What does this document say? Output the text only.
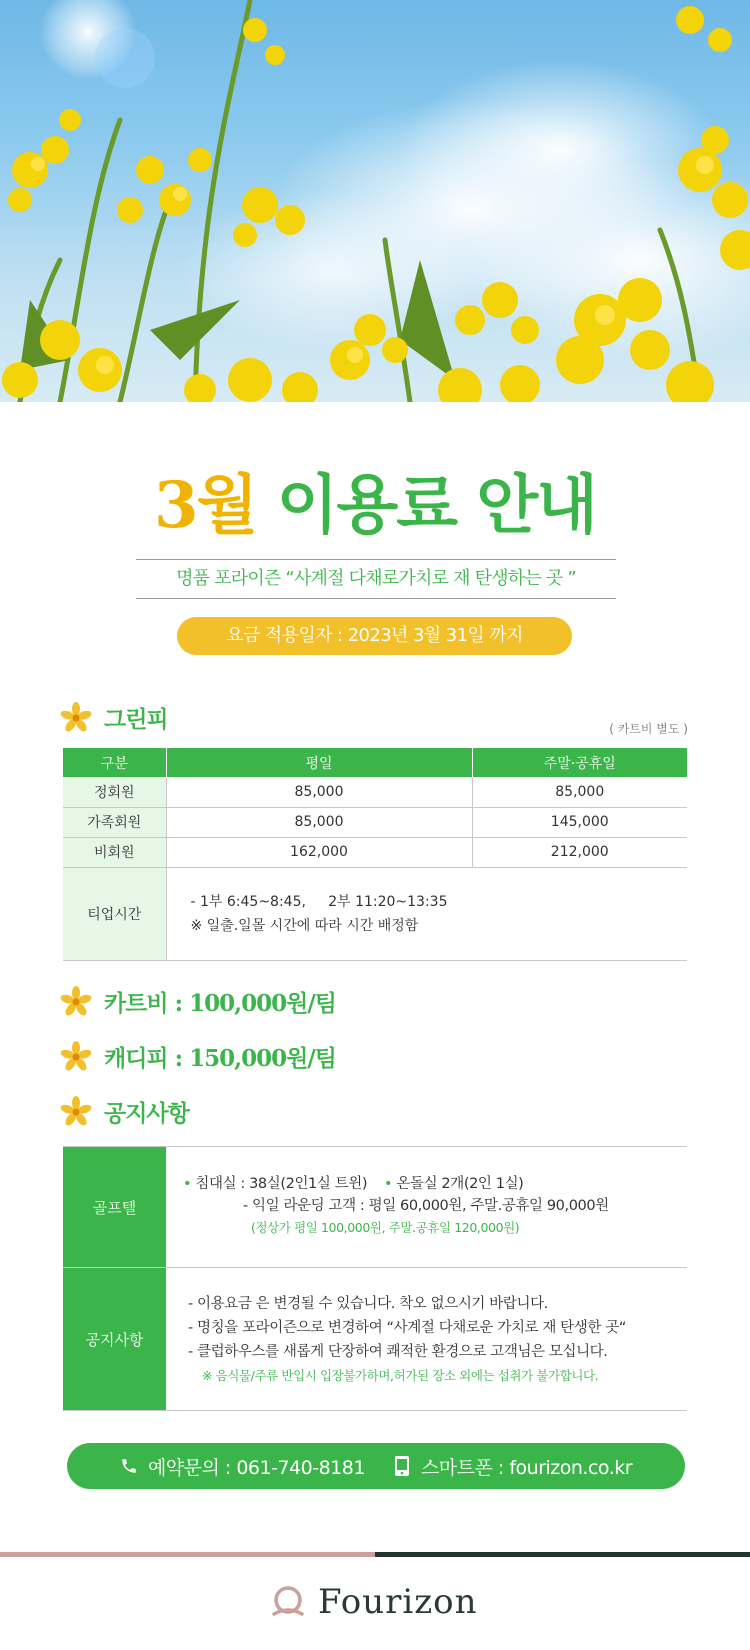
3월 이용료 안내
명품 포라이즌 “사계절 다채로가치로 재 탄생하는 곳 ”
요금 적용일자 : 2023년 3월 31일 까지
그린피	( 카트비 별도 )
구분	평일	주말·공휴일
정회원	85,000	85,000
가족회원	85,000	145,000
비회원	162,000	212,000
티업시간	- 1부 6:45~8:45,     2부 11:20~13:35
※ 일출.일몰 시간에 따라 시간 배정함	
카트비 : 100,000원/팀
캐디피 : 150,000원/팀
공지사항
골프텔
• 침대실 : 38실(2인1실 트윈) • 온돌실 2개(2인 1실)
- 익일 라운딩 고객 : 평일 60,000원, 주말.공휴일 90,000원
(정상가 평일 100,000원, 주말.공휴일 120,000원)
공지사항
- 이용요금 은 변경될 수 있습니다. 착오 없으시기 바랍니다.
- 명칭을 포라이즌으로 변경하여 “사계절 다채로운 가치로 재 탄생한 곳“
- 클럽하우스를 새롭게 단장하여 쾌적한 환경으로 고객님은 모십니다.
※ 음식물/주류 반입시 입장불가하며,허가된 장소 외에는 섭취가 불가합니다.
예약문의 : 061-740-8181	스마트폰 : fourizon.co.kr
Fourizon
